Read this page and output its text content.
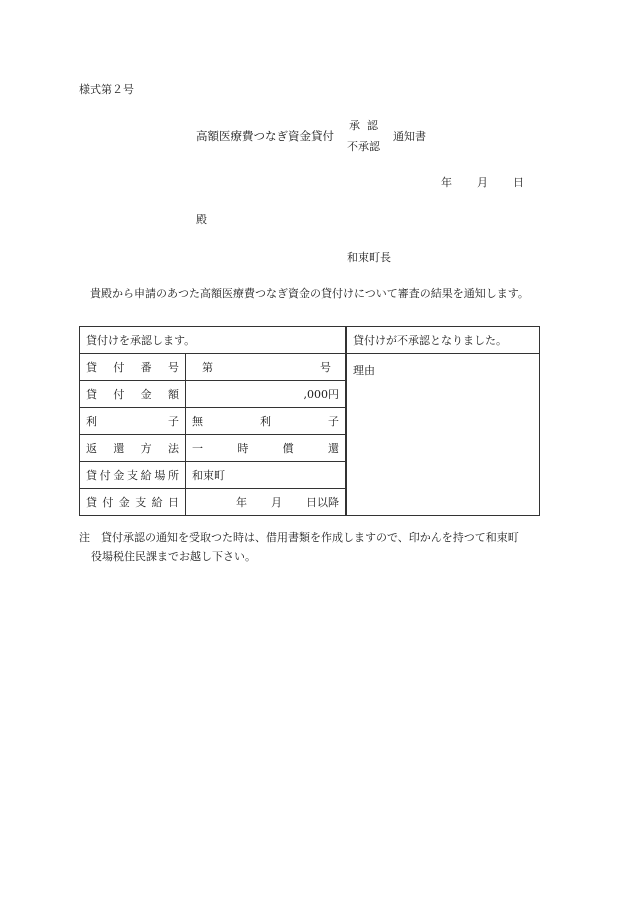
様式第２号
高額医療費つなぎ資金貸付
承認
不承認
通知書
年 月 日
殿
和束町長
貴殿から申請のあつた高額医療費つなぎ資金の貸付けについて審査の結果を通知します。
貸付けを承認します。		貸付けが不承認となりました。
貸付番号	第 号	理由
貸付金額	,000円	
利子	無利子	
返還方法	一時償還	
貸付金支給場所	和束町	
貸付金支給日	年 月 日以降	
注　 貸付承認の通知を受取つた時は、借用書類を作成しますので、印かんを持つて和束町
役場税住民課までお越し下さい。
